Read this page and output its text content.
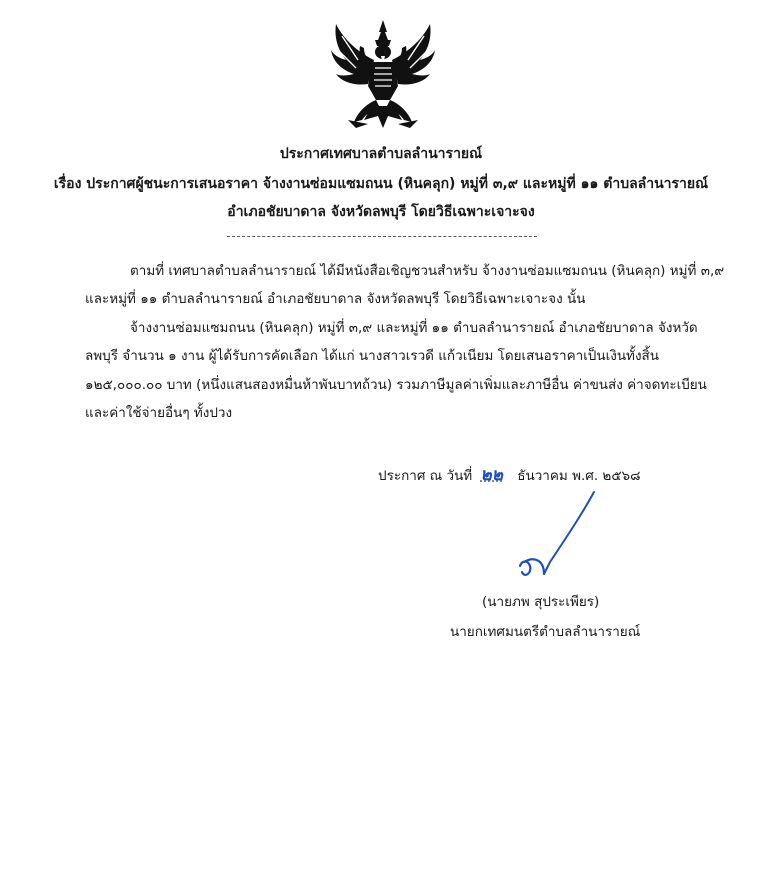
ประกาศเทศบาลตำบลลำนารายณ์
เรื่อง ประกาศผู้ชนะการเสนอราคา จ้างงานซ่อมแซมถนน (หินคลุก) หมู่ที่ ๓,๙ และหมู่ที่ ๑๑ ตำบลลำนารายณ์
อำเภอชัยบาดาล จังหวัดลพบุรี โดยวิธีเฉพาะเจาะจง
ตามที่ เทศบาลตำบลลำนารายณ์ ได้มีหนังสือเชิญชวนสำหรับ จ้างงานซ่อมแซมถนน (หินคลุก) หมู่ที่ ๓,๙
และหมู่ที่ ๑๑ ตำบลลำนารายณ์ อำเภอชัยบาดาล จังหวัดลพบุรี โดยวิธีเฉพาะเจาะจง นั้น
จ้างงานซ่อมแซมถนน (หินคลุก) หมู่ที่ ๓,๙ และหมู่ที่ ๑๑ ตำบลลำนารายณ์ อำเภอชัยบาดาล จังหวัด
ลพบุรี จำนวน ๑ งาน ผู้ได้รับการคัดเลือก ได้แก่ นางสาวเรวดี แก้วเนียม โดยเสนอราคาเป็นเงินทั้งสิ้น
๑๒๕,๐๐๐.๐๐ บาท (หนึ่งแสนสองหมื่นห้าพันบาทถ้วน) รวมภาษีมูลค่าเพิ่มและภาษีอื่น ค่าขนส่ง ค่าจดทะเบียน
และค่าใช้จ่ายอื่นๆ ทั้งปวง
ประกาศ ณ วันที่ ๒๒ ธันวาคม พ.ศ. ๒๕๖๘
(นายภพ สุประเพียร)
นายกเทศมนตรีตำบลลำนารายณ์
